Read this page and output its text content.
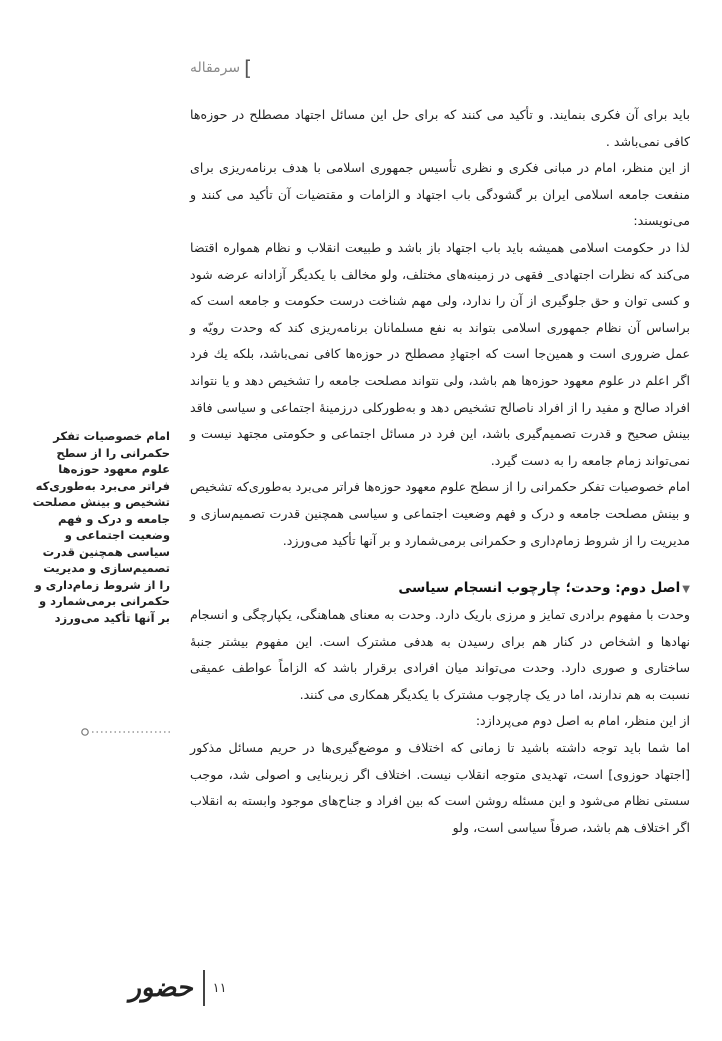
]
سرمقاله

باید برای آن فکری بنمایند. و تأکید می کنند که برای حل این مسائل اجتهاد مصطلح در حوزه‌ها کافی نمی‌باشد .

از این منظر، امام در مبانی فکری و نظری تأسیس جمهوری اسلامی با هدف برنامه‌ریزی برای منفعت جامعه اسلامی ایران بر گشودگی باب اجتهاد و الزامات و مقتضیات آن تأکید می کنند و می‌نویسند:

لذا در حکومت اسلامی همیشه باید باب اجتهاد باز باشد و طبیعت انقلاب و نظام همواره اقتضا می‌کند که نظرات اجتهادی_ فقهی در زمینه‌های مختلف، ولو مخالف با یکدیگر آزادانه عرضه شود و کسی توان و حق جلوگیری از آن را ندارد، ولی مهم شناخت درست حکومت و جامعه است که براساس آن نظام جمهوری اسلامی بتواند به نفع مسلمانان برنامه‌ریزی کند که وحدت رویّه و عمل ضروری است و همین‌جا است که اجتهادِ مصطلح در حوزه‌ها کافی نمی‌باشد، بلکه یك فرد اگر اعلم در علوم معهود حوزه‌ها هم باشد، ولی نتواند مصلحت جامعه را تشخیص دهد و یا نتواند افراد صالح و مفید را از افراد ناصالح تشخیص دهد و به‌طورکلی درزمینهٔ اجتماعی و سیاسی فاقد بینش صحیح و قدرت تصمیم‌گیری باشد، این فرد در مسائل اجتماعی و حکومتی مجتهد نیست و نمی‌تواند زمام جامعه را به دست گیرد.

امام خصوصیات تفکر حکمرانی را از سطح علوم معهود حوزه‌ها فراتر می‌برد به‌طوری‌که تشخیص و بینش مصلحت جامعه و درک و فهم وضعیت اجتماعی و سیاسی همچنین قدرت تصمیم‌سازی و مدیریت را از شروط زمام‌داری و حکمرانی برمی‌شمارد و بر آنها تأکید می‌ورزد.

▼اصل دوم: وحدت؛ چارچوب انسجام سیاسی

وحدت با مفهوم برادری تمایز و مرزی باریک دارد. وحدت به معنای هماهنگی، یکپارچگی و انسجام نهادها و اشخاص در کنار هم برای رسیدن به هدفی مشترک است. این مفهوم بیشتر جنبهٔ ساختاری و صوری دارد. وحدت می‌تواند میان افرادی برقرار باشد که الزاماً عواطف عمیقی نسبت به هم ندارند، اما در یک چارچوب مشترک با یکدیگر همکاری می کنند.

از این منظر، امام به اصل دوم می‌پردازد:

اما شما باید توجه داشته باشید تا زمانی که اختلاف و موضع‌گیری‌ها در حریم مسائل مذکور [اجتهاد حوزوی] است، تهدیدی متوجه انقلاب نیست. اختلاف اگر زیربنایی و اصولی شد، موجب سستی نظام می‌شود و این مسئله روشن است که بین افراد و جناح‌های موجود وابسته به انقلاب اگر اختلاف هم باشد، صرفاً سیاسی است، ولو

امام خصوصیات تفکر حکمرانی را از سطح علوم معهود حوزه‌ها فراتر می‌برد به‌طوری‌که تشخیص و بینش مصلحت جامعه و درک و فهم وضعیت اجتماعی و سیاسی همچنین قدرت تصمیم‌سازی و مدیریت را از شروط زمام‌داری و حکمرانی برمی‌شمارد و بر آنها تأکید می‌ورزد
حضور ۱۱
